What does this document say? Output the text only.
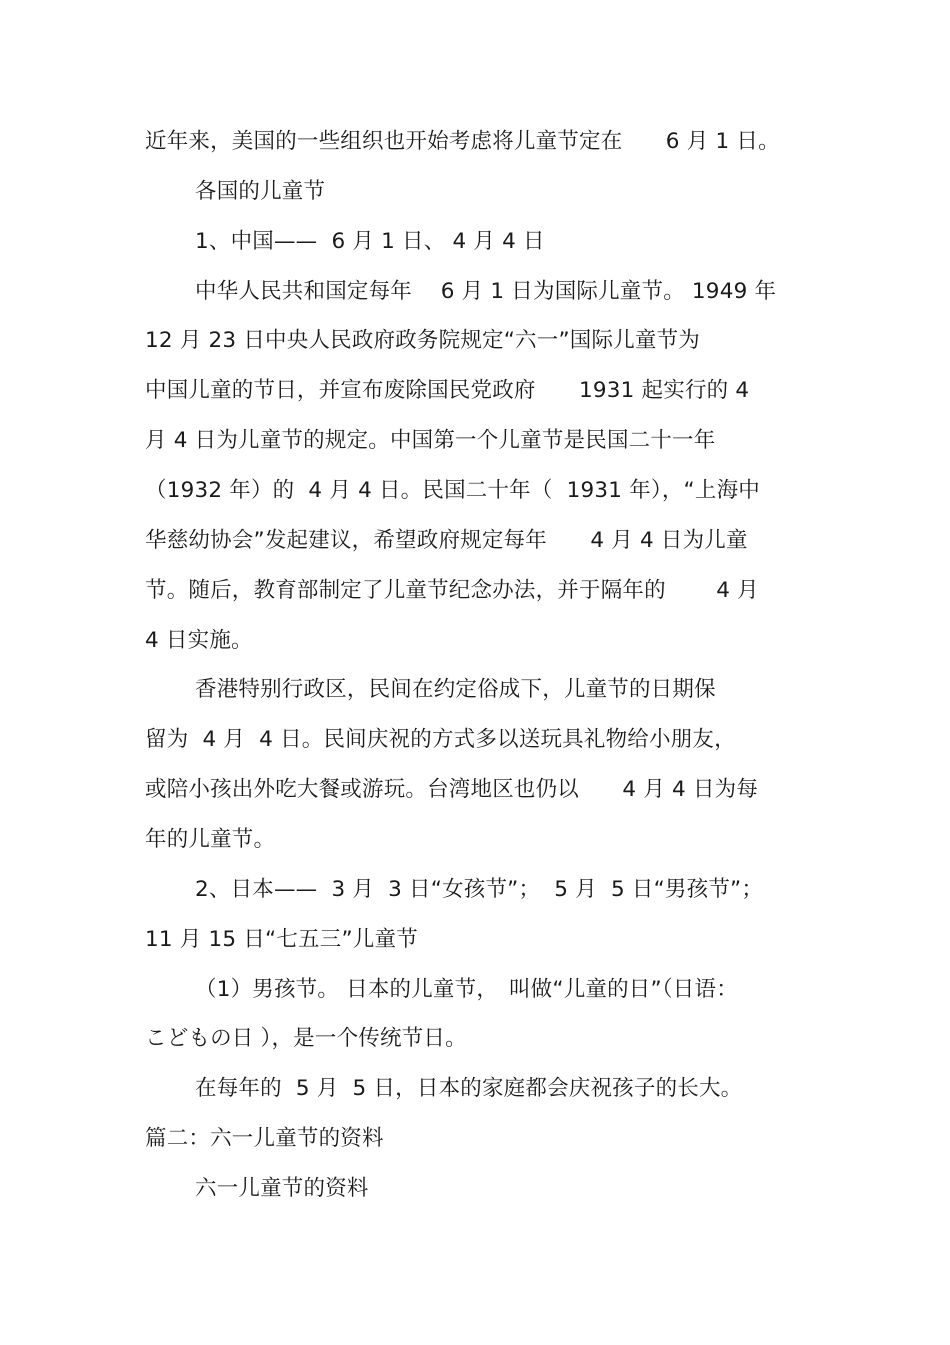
近年来，美国的一些组织也开始考虑将儿童节定在　　6 月 1 日。
各国的儿童节
1、中国——  6 月 1 日、 4 月 4 日
中华人民共和国定每年　 6 月 1 日为国际儿童节。 1949 年
12 月 23 日中央人民政府政务院规定“六一”国际儿童节为
中国儿童的节日，并宣布废除国民党政府　　1931 起实行的 4
月 4 日为儿童节的规定。中国第一个儿童节是民国二十一年
（1932 年）的  4 月 4 日。民国二十年（  1931 年），“上海中
华慈幼协会”发起建议，希望政府规定每年　　4 月 4 日为儿童
节。随后，教育部制定了儿童节纪念办法，并于隔年的　　 4 月
4 日实施。
香港特别行政区，民间在约定俗成下，儿童节的日期保
留为  4 月  4 日。民间庆祝的方式多以送玩具礼物给小朋友，
或陪小孩出外吃大餐或游玩。台湾地区也仍以　　4 月 4 日为每
年的儿童节。
2、日本——  3 月  3 日“女孩节”；  5 月  5 日“男孩节”；
11 月 15 日“七五三”儿童节
（1）男孩节。 日本的儿童节，　叫做“儿童的日”（日语：
こどもの日 ），是一个传统节日。
在每年的  5 月  5 日，日本的家庭都会庆祝孩子的长大。
篇二：六一儿童节的资料
六一儿童节的资料
